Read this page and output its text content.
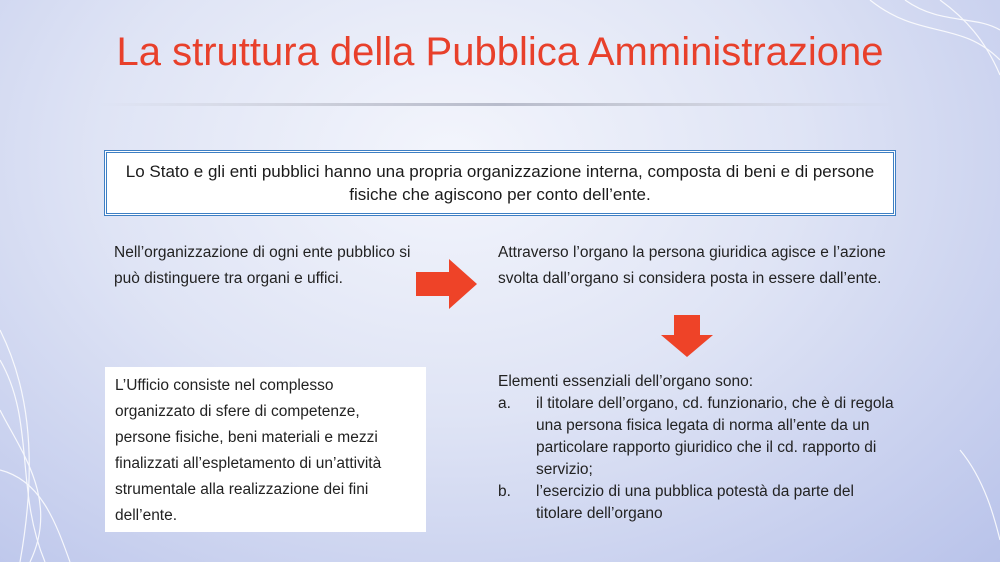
La struttura della Pubblica Amministrazione

Lo Stato e gli enti pubblici hanno una propria organizzazione interna, composta di beni e di persone fisiche che agiscono per conto dell’ente.

Nell’organizzazione di ogni ente pubblico si può distinguere tra organi e uffici.

Attraverso l’organo la persona giuridica agisce e l’azione svolta dall’organo si considera posta in essere dall’ente.

L’Ufficio consiste nel complesso organizzato di sfere di competenze, persone fisiche, beni materiali e mezzi finalizzati all’espletamento di un’attività strumentale alla realizzazione dei fini dell’ente.

Elementi essenziali dell’organo sono:

a.	il titolare dell’organo, cd. funzionario, che è di regola una persona fisica legata di norma all’ente da un particolare rapporto giuridico che il cd. rapporto di servizio;
b.	l’esercizio di una pubblica potestà da parte del titolare dell’organo
